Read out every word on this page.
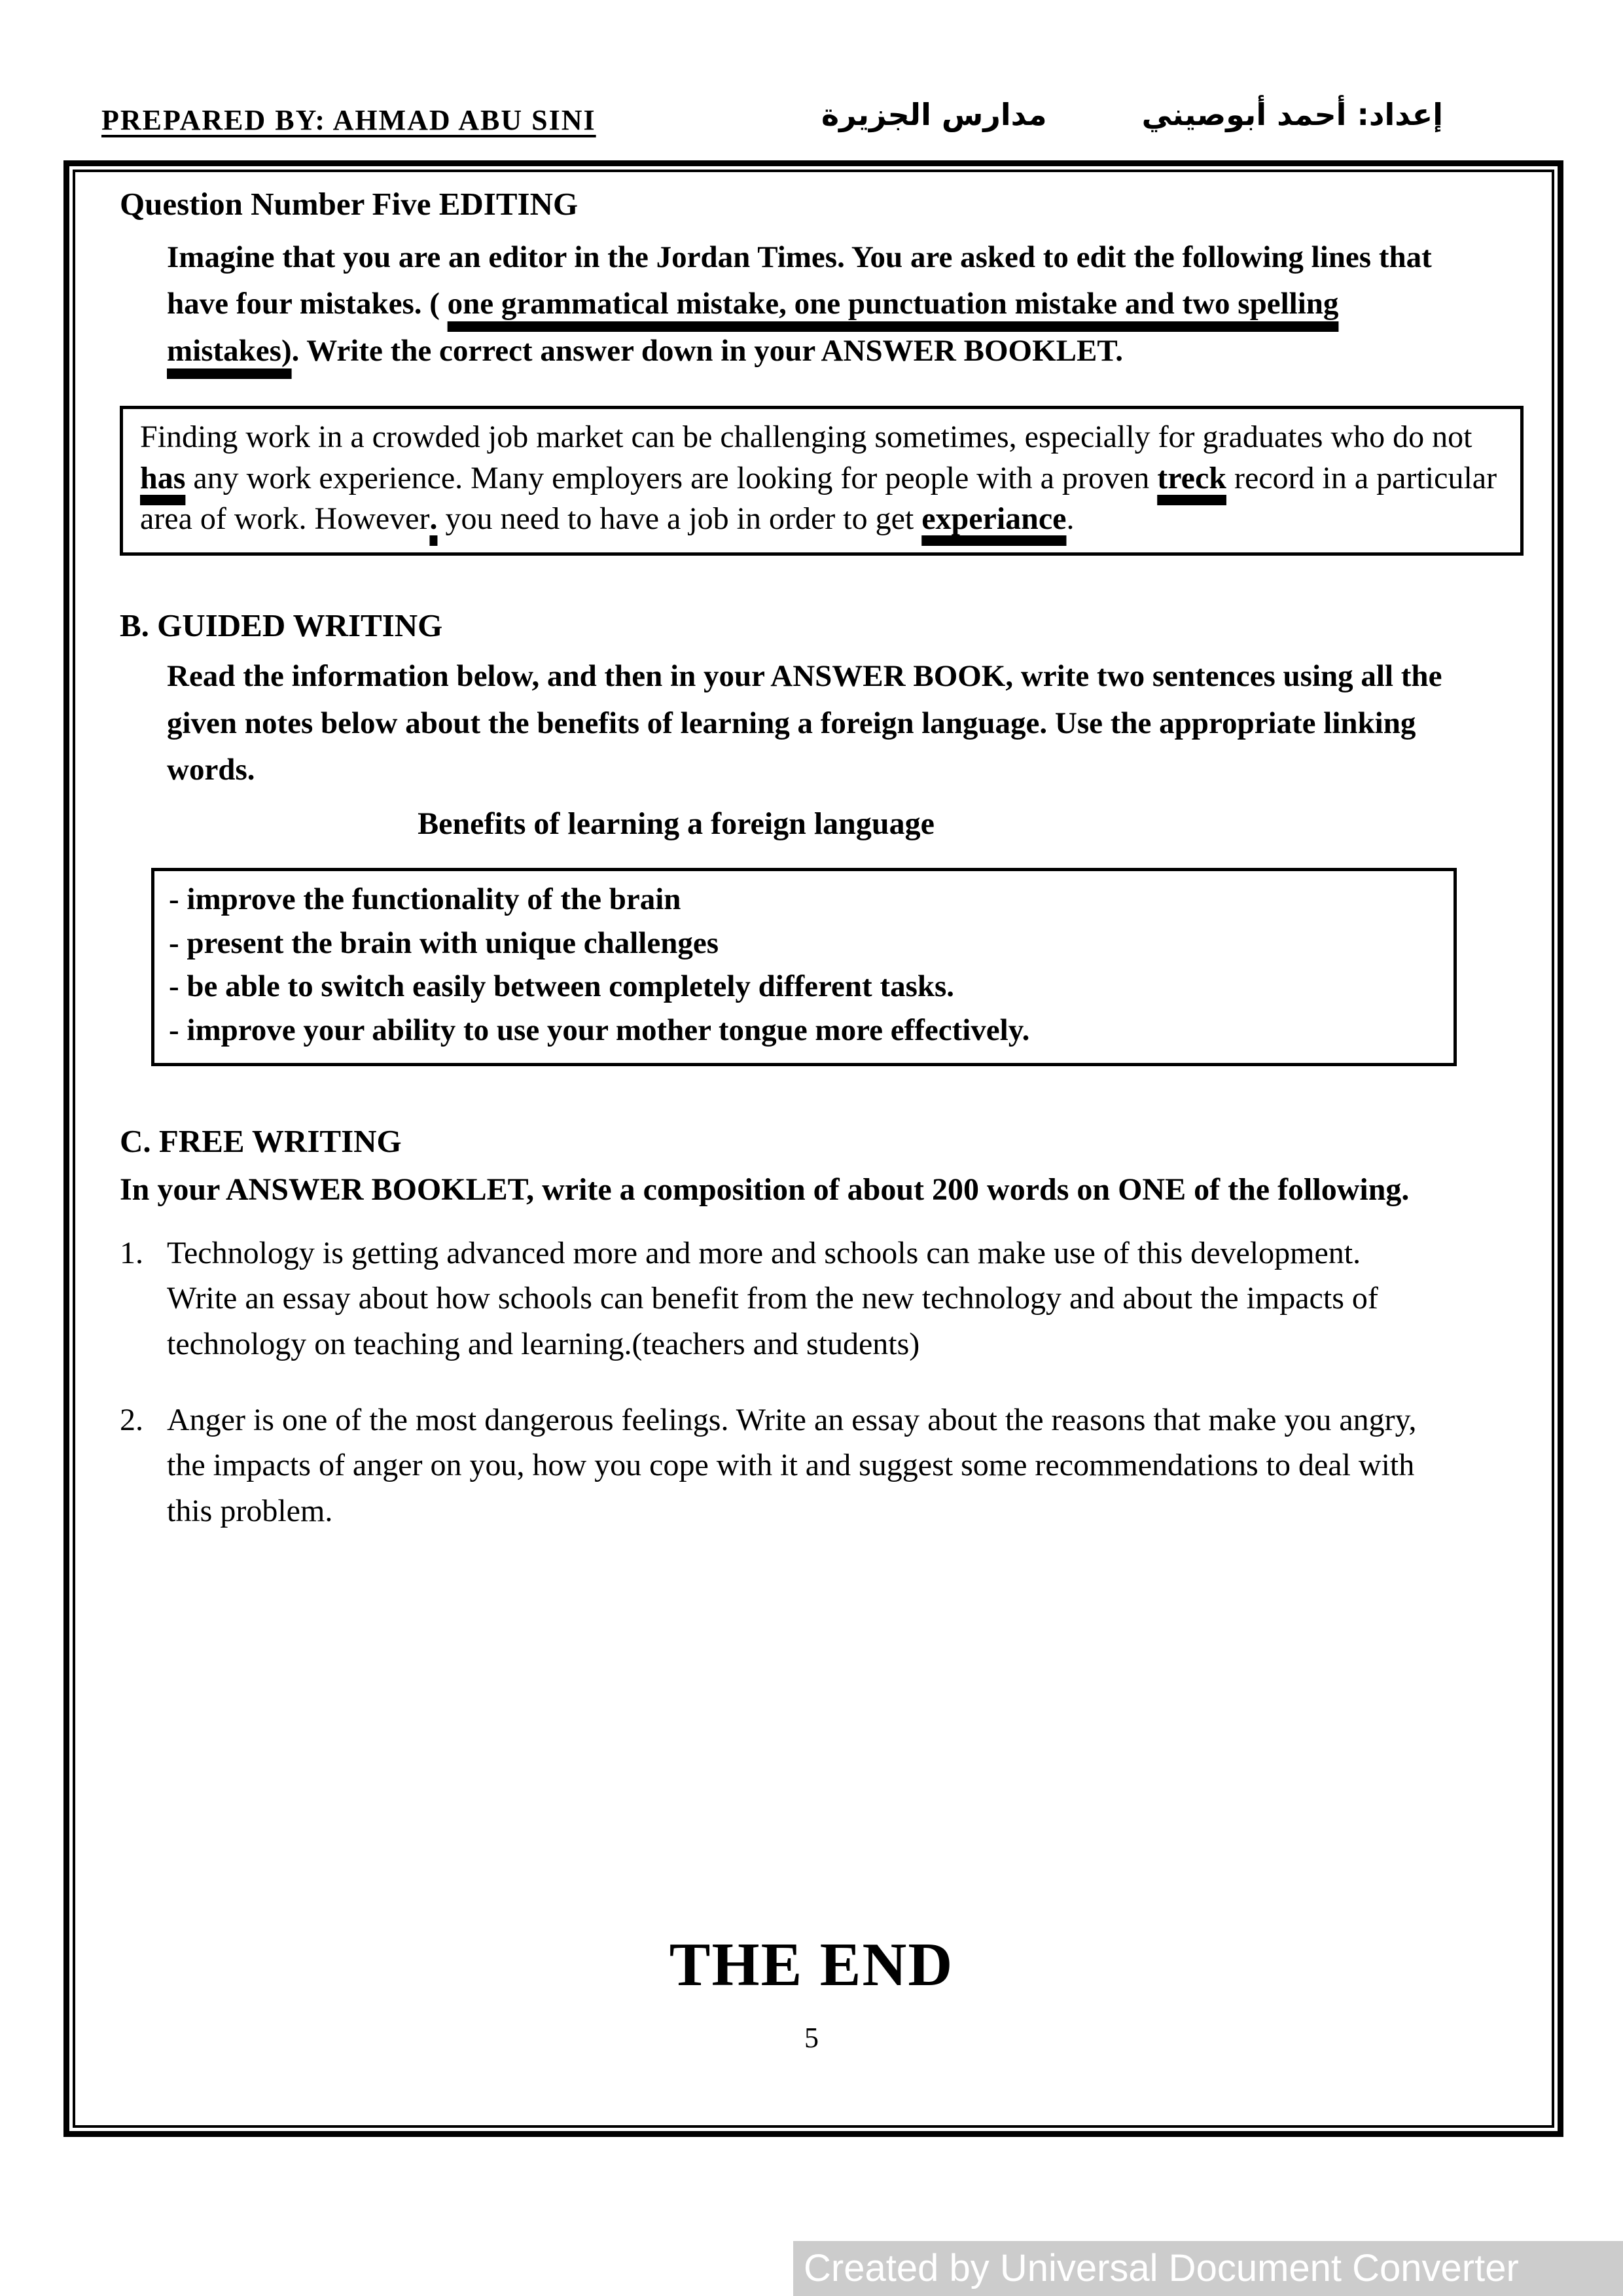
PREPARED BY: AHMAD ABU SINI	مدارس الجزيرة	إعداد: أحمد أبوصيني
Question Number Five EDITING
Imagine that you are an editor in the Jordan Times. You are asked to edit the following lines that have four mistakes. ( one grammatical mistake, one punctuation mistake and two spelling mistakes). Write the correct answer down in your ANSWER BOOKLET.
Finding work in a crowded job market can be challenging sometimes, especially for graduates who do not has any work experience. Many employers are looking for people with a proven treck record in a particular area of work. However. you need to have a job in order to get experiance.
B. GUIDED WRITING
Read the information below, and then in your ANSWER BOOK, write two sentences using all the given notes below about the benefits of learning a foreign language. Use the appropriate linking words.
Benefits of learning a foreign language
- improve the functionality of the brain
- present the brain with unique challenges
- be able to switch easily between completely different tasks.
- improve your ability to use your mother tongue more effectively.
C. FREE WRITING
In your ANSWER BOOKLET, write a composition of about 200 words on ONE of the following.
1. Technology is getting advanced more and more and schools can make use of this development. Write an essay about how schools can benefit from the new technology and about the impacts of technology on teaching and learning.(teachers and students)
2. Anger is one of the most dangerous feelings. Write an essay about the reasons that make you angry, the impacts of anger on you, how you cope with it and suggest some recommendations to deal with this problem.
THE END
5
Created by Universal Document Converter
